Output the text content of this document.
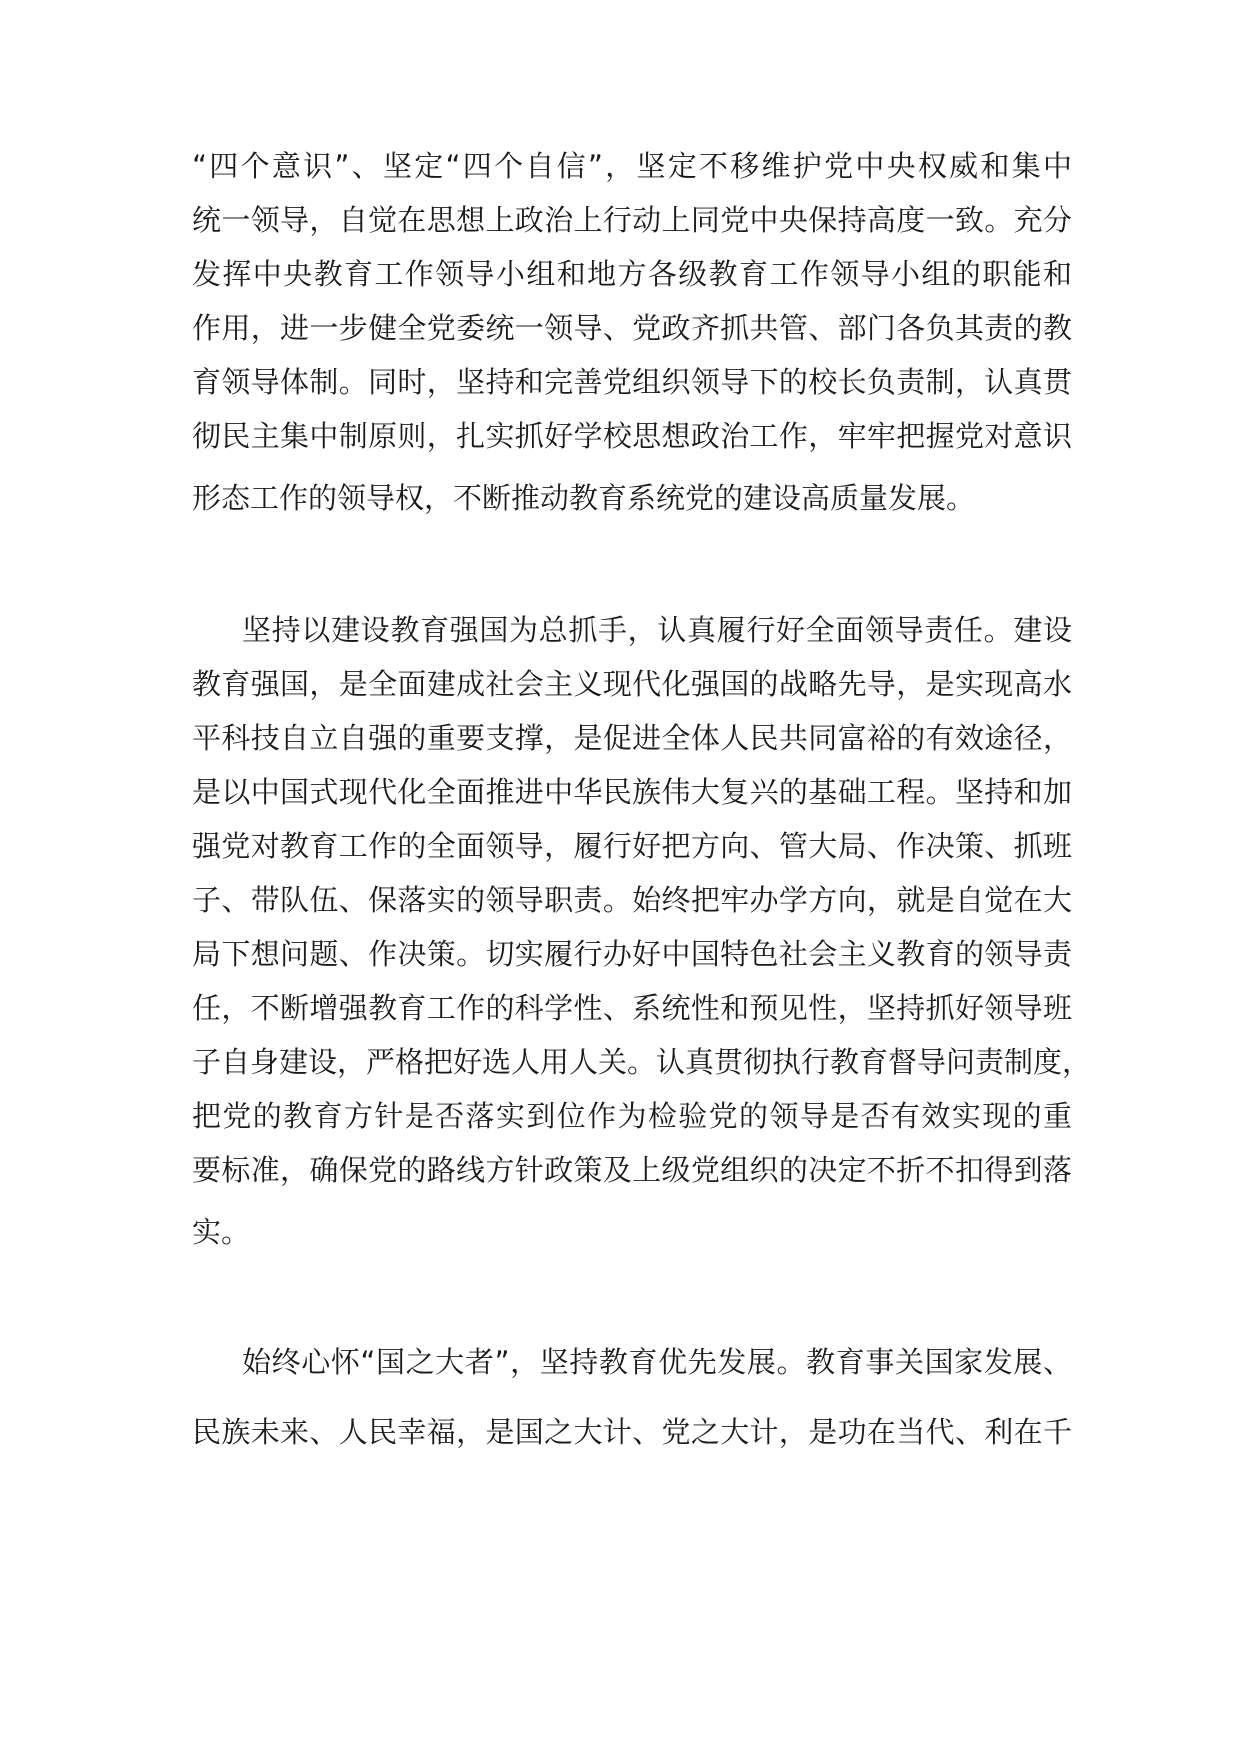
“四个意识”、坚定“四个自信”，坚定不移维护党中央权威和集中
统一领导，自觉在思想上政治上行动上同党中央保持高度一致。充分
发挥中央教育工作领导小组和地方各级教育工作领导小组的职能和
作用，进一步健全党委统一领导、党政齐抓共管、部门各负其责的教
育领导体制。同时，坚持和完善党组织领导下的校长负责制，认真贯
彻民主集中制原则，扎实抓好学校思想政治工作，牢牢把握党对意识
形态工作的领导权，不断推动教育系统党的建设高质量发展。
坚持以建设教育强国为总抓手，认真履行好全面领导责任。建设
教育强国，是全面建成社会主义现代化强国的战略先导，是实现高水
平科技自立自强的重要支撑，是促进全体人民共同富裕的有效途径，
是以中国式现代化全面推进中华民族伟大复兴的基础工程。坚持和加
强党对教育工作的全面领导，履行好把方向、管大局、作决策、抓班
子、带队伍、保落实的领导职责。始终把牢办学方向，就是自觉在大
局下想问题、作决策。切实履行办好中国特色社会主义教育的领导责
任，不断增强教育工作的科学性、系统性和预见性，坚持抓好领导班
子自身建设，严格把好选人用人关。认真贯彻执行教育督导问责制度，
把党的教育方针是否落实到位作为检验党的领导是否有效实现的重
要标准，确保党的路线方针政策及上级党组织的决定不折不扣得到落
实。
始终心怀“国之大者”，坚持教育优先发展。教育事关国家发展、
民族未来、人民幸福，是国之大计、党之大计，是功在当代、利在千
